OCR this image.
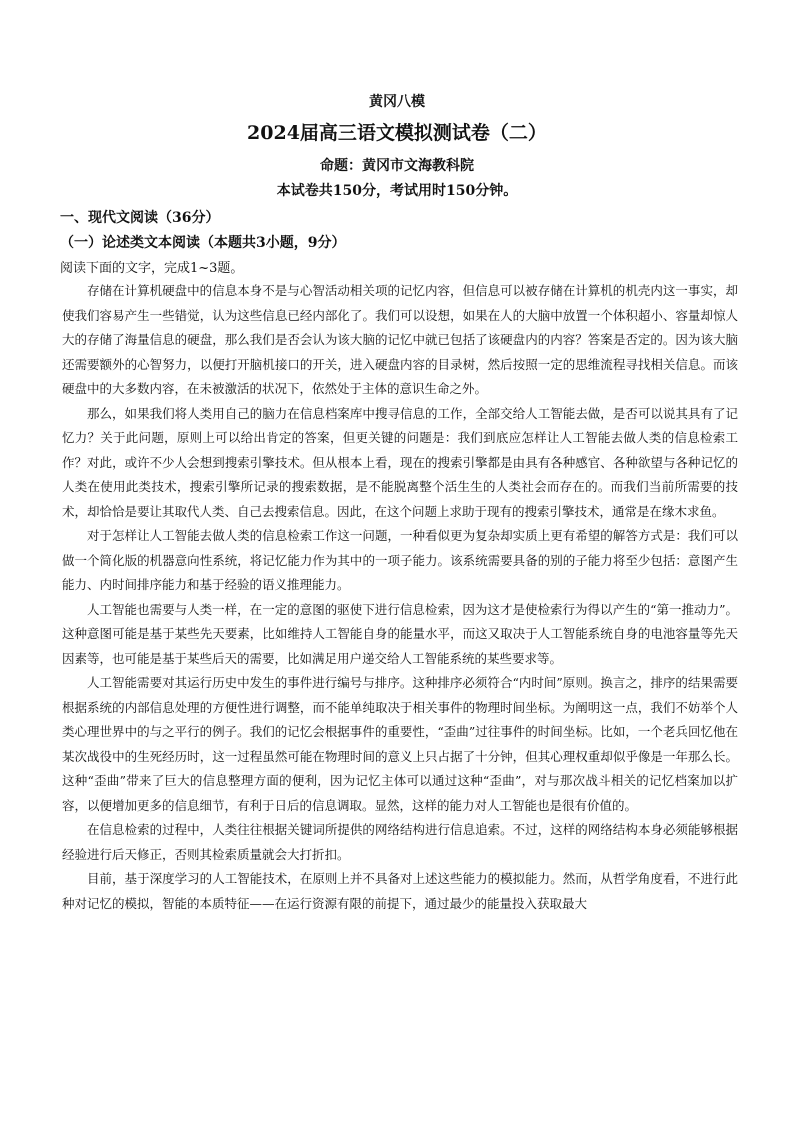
黄冈八模
2024届高三语文模拟测试卷（二）
命题：黄冈市文海教科院
本试卷共150分，考试用时150分钟。
一、现代文阅读（36分）
（一）论述类文本阅读（本题共3小题，9分）
阅读下面的文字，完成1~3题。

存储在计算机硬盘中的信息本身不是与心智活动相关项的记忆内容，但信息可以被存储在计算机的机壳内这一事实，却使我们容易产生一些错觉，认为这些信息已经内部化了。我们可以设想，如果在人的大脑中放置一个体积超小、容量却惊人大的存储了海量信息的硬盘，那么我们是否会认为该大脑的记忆中就已包括了该硬盘内的内容？答案是否定的。因为该大脑还需要额外的心智努力，以便打开脑机接口的开关，进入硬盘内容的目录树，然后按照一定的思维流程寻找相关信息。而该硬盘中的大多数内容，在未被激活的状况下，依然处于主体的意识生命之外。

那么，如果我们将人类用自己的脑力在信息档案库中搜寻信息的工作，全部交给人工智能去做，是否可以说其具有了记忆力？关于此问题，原则上可以给出肯定的答案，但更关键的问题是：我们到底应怎样让人工智能去做人类的信息检索工作？对此，或许不少人会想到搜索引擎技术。但从根本上看，现在的搜索引擎都是由具有各种感官、各种欲望与各种记忆的人类在使用此类技术，搜索引擎所记录的搜索数据，是不能脱离整个活生生的人类社会而存在的。而我们当前所需要的技术，却恰恰是要让其取代人类、自己去搜索信息。因此，在这个问题上求助于现有的搜索引擎技术，通常是在缘木求鱼。

对于怎样让人工智能去做人类的信息检索工作这一问题，一种看似更为复杂却实质上更有希望的解答方式是：我们可以做一个简化版的机器意向性系统，将记忆能力作为其中的一项子能力。该系统需要具备的别的子能力将至少包括：意图产生能力、内时间排序能力和基于经验的语义推理能力。

人工智能也需要与人类一样，在一定的意图的驱使下进行信息检索，因为这才是使检索行为得以产生的“第一推动力”。这种意图可能是基于某些先天要素，比如维持人工智能自身的能量水平，而这又取决于人工智能系统自身的电池容量等先天因素等，也可能是基于某些后天的需要，比如满足用户递交给人工智能系统的某些要求等。

人工智能需要对其运行历史中发生的事件进行编号与排序。这种排序必须符合“内时间”原则。换言之，排序的结果需要根据系统的内部信息处理的方便性进行调整，而不能单纯取决于相关事件的物理时间坐标。为阐明这一点，我们不妨举个人类心理世界中的与之平行的例子。我们的记忆会根据事件的重要性，“歪曲”过往事件的时间坐标。比如，一个老兵回忆他在某次战役中的生死经历时，这一过程虽然可能在物理时间的意义上只占据了十分钟，但其心理权重却似乎像是一年那么长。这种“歪曲”带来了巨大的信息整理方面的便利，因为记忆主体可以通过这种“歪曲”，对与那次战斗相关的记忆档案加以扩容，以便增加更多的信息细节，有利于日后的信息调取。显然，这样的能力对人工智能也是很有价值的。

在信息检索的过程中，人类往往根据关键词所提供的网络结构进行信息追索。不过，这样的网络结构本身必须能够根据经验进行后天修正，否则其检索质量就会大打折扣。

目前，基于深度学习的人工智能技术，在原则上并不具备对上述这些能力的模拟能力。然而，从哲学角度看，不进行此种对记忆的模拟，智能的本质特征——在运行资源有限的前提下，通过最少的能量投入获取最大
